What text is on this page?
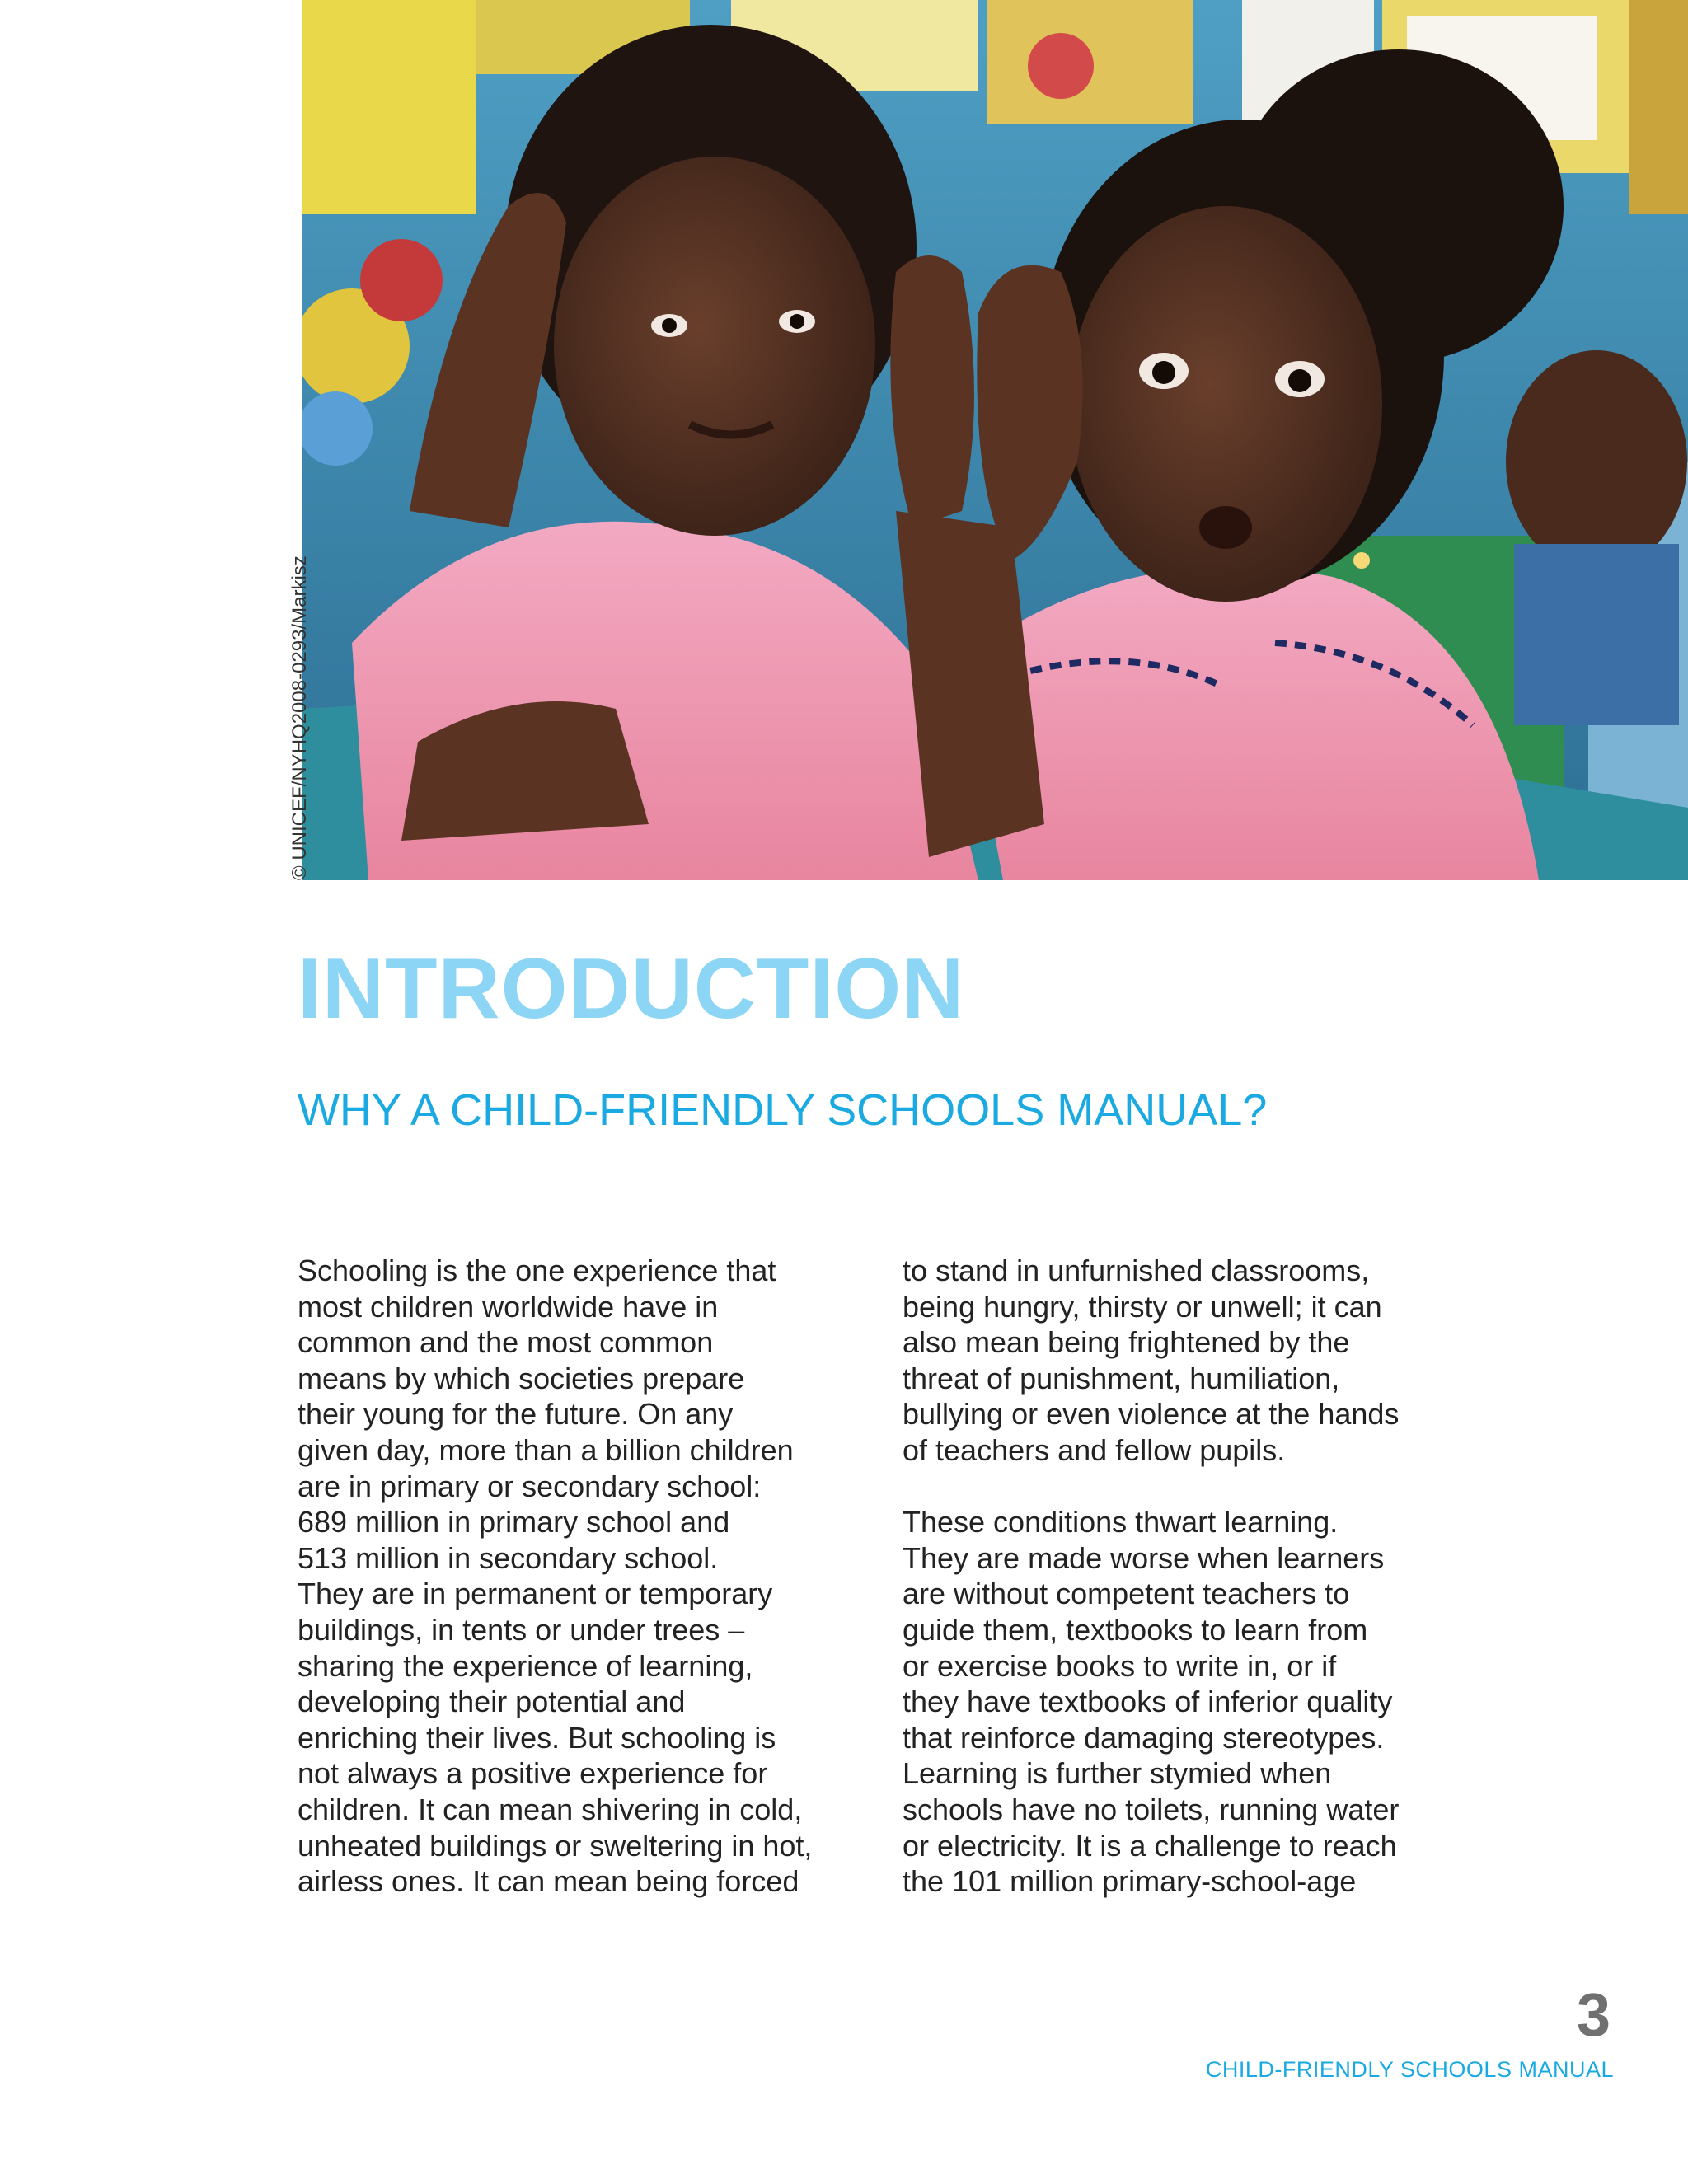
© UNICEF/NYHQ2008-0293/Markisz
INTRODUCTION
WHY A CHILD-FRIENDLY SCHOOLS MANUAL?

Schooling is the one experience that
most children worldwide have in
common and the most common
means by which societies prepare
their young for the future. On any
given day, more than a billion children
are in primary or secondary school:
689 million in primary school and
513 million in secondary school.
They are in permanent or temporary
buildings, in tents or under trees –
sharing the experience of learning,
developing their potential and
enriching their lives. But schooling is
not always a positive experience for
children. It can mean shivering in cold,
unheated buildings or sweltering in hot,
airless ones. It can mean being forced

to stand in unfurnished classrooms,
being hungry, thirsty or unwell; it can
also mean being frightened by the
threat of punishment, humiliation,
bullying or even violence at the hands
of teachers and fellow pupils.

These conditions thwart learning.
They are made worse when learners
are without competent teachers to
guide them, textbooks to learn from
or exercise books to write in, or if
they have textbooks of inferior quality
that reinforce damaging stereotypes.
Learning is further stymied when
schools have no toilets, running water
or electricity. It is a challenge to reach
the 101 million primary-school-age

3
CHILD-FRIENDLY SCHOOLS MANUAL
